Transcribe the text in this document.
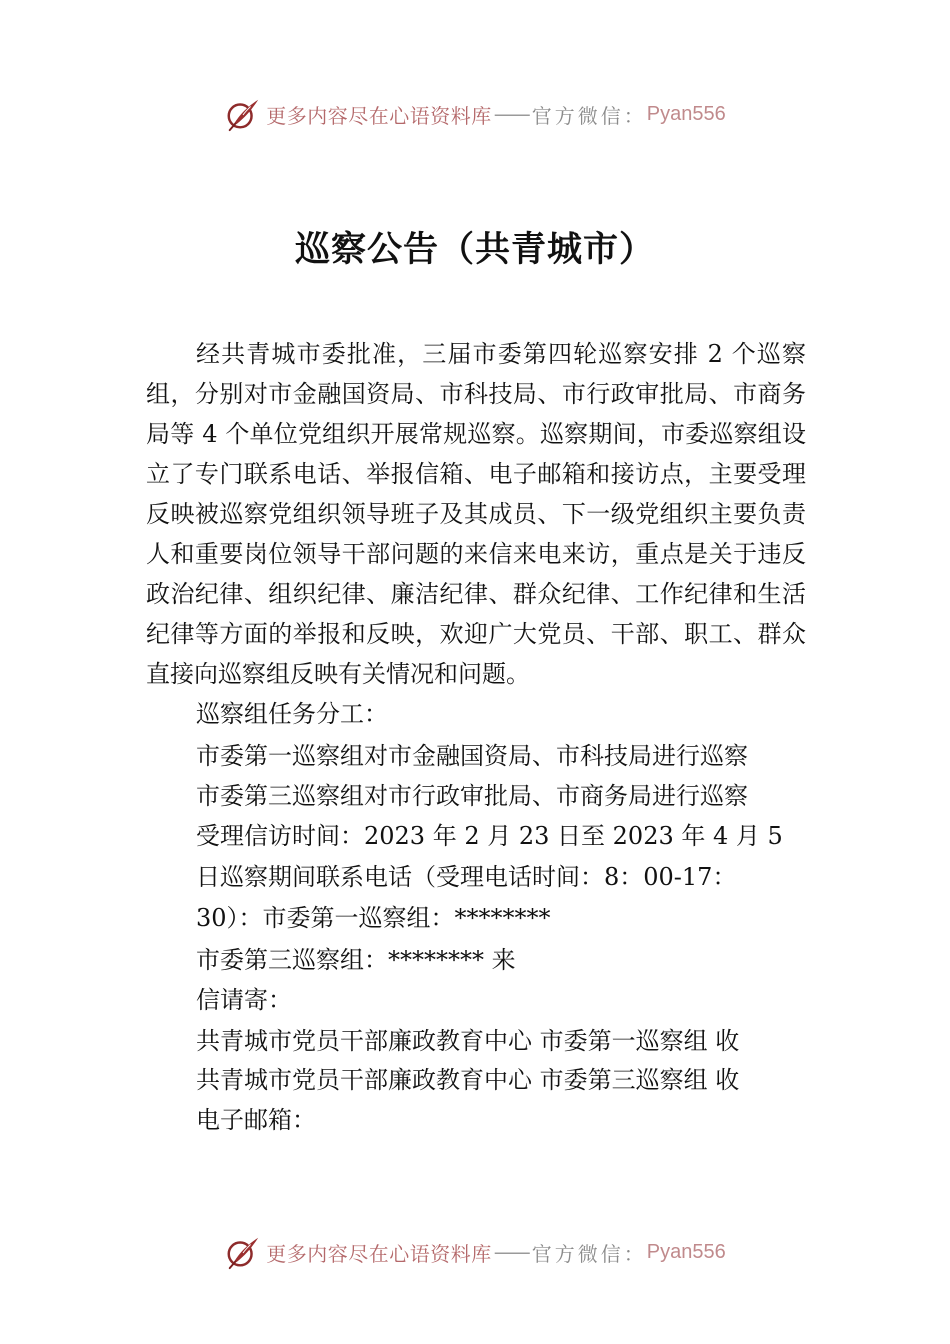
更多内容尽在心语资料库 —— 官方微信： Pyan556
巡察公告（共青城市）

经共青城市委批准，三届市委第四轮巡察安排 2 个巡察组，分别对市金融国资局、市科技局、市行政审批局、市商务局等 4 个单位党组织开展常规巡察。巡察期间，市委巡察组设立了专门联系电话、举报信箱、电子邮箱和接访点，主要受理反映被巡察党组织领导班子及其成员、下一级党组织主要负责人和重要岗位领导干部问题的来信来电来访，重点是关于违反政治纪律、组织纪律、廉洁纪律、群众纪律、工作纪律和生活纪律等方面的举报和反映，欢迎广大党员、干部、职工、群众直接向巡察组反映有关情况和问题。

巡察组任务分工：

市委第一巡察组对市金融国资局、市科技局进行巡察

市委第三巡察组对市行政审批局、市商务局进行巡察

受理信访时间：2023 年 2 月 23 日至 2023 年 4 月 5

日巡察期间联系电话（受理电话时间：8：00-17：

30）：市委第一巡察组：********

市委第三巡察组：******** 来

信请寄：

共青城市党员干部廉政教育中心 市委第一巡察组 收

共青城市党员干部廉政教育中心 市委第三巡察组 收

电子邮箱：

更多内容尽在心语资料库 —— 官方微信： Pyan556
